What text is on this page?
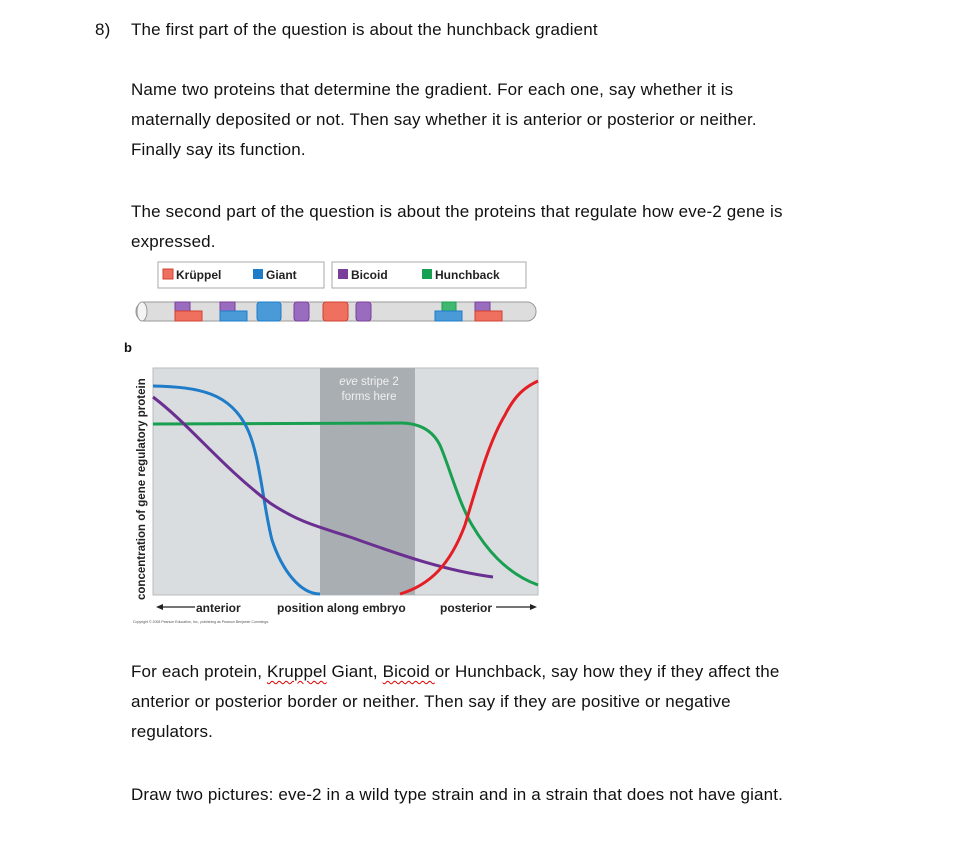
8) The first part of the question is about the hunchback gradient
Name two proteins that determine the gradient. For each one, say whether it is
maternally deposited or not. Then say whether it is anterior or posterior or neither.
Finally say its function.
The second part of the question is about the proteins that regulate how eve-2 gene is
expressed.
Krüppel	Giant	Bicoid	Hunchback
b
concentration of gene regulatory protein	eve stripe 2
forms here
anterior	position along embryo	posterior
Copyright © 2008 Pearson Education, Inc., publishing as Pearson Benjamin Cummings.
For each protein, Kruppel Giant, Bicoid or Hunchback, say how they if they affect the
anterior or posterior border or neither. Then say if they are positive or negative
regulators.
Draw two pictures: eve-2 in a wild type strain and in a strain that does not have giant.
